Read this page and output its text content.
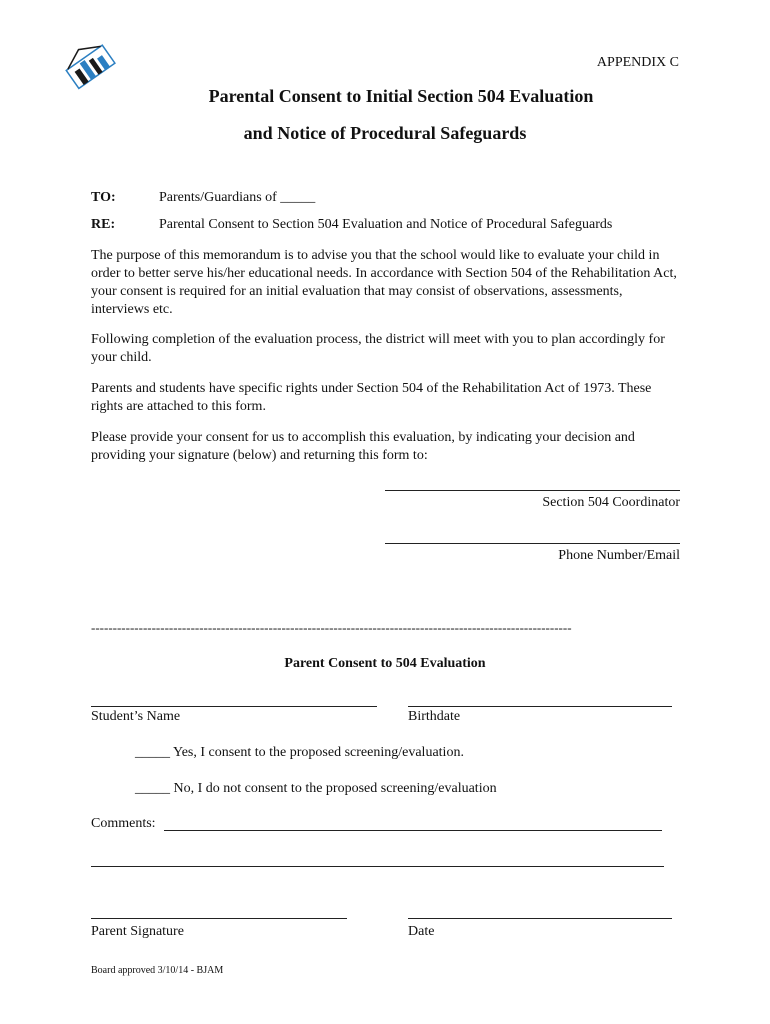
APPENDIX C
Parental Consent to Initial Section 504 Evaluation
and Notice of Procedural Safeguards
TO:	Parents/Guardians of _____
RE:	Parental Consent to Section 504 Evaluation and Notice of Procedural Safeguards
The purpose of this memorandum is to advise you that the school would like to evaluate your child in order to better serve his/her educational needs. In accordance with Section 504 of the Rehabilitation Act, your consent is required for an initial evaluation that may consist of observations, assessments, interviews etc.
Following completion of the evaluation process, the district will meet with you to plan accordingly for your child.
Parents and students have specific rights under Section 504 of the Rehabilitation Act of 1973. These rights are attached to this form.
Please provide your consent for us to accomplish this evaluation, by indicating your decision and providing your signature (below) and returning this form to:
Section 504 Coordinator
Phone Number/Email
---------------------------------------------------------------------------------------------------------------
Parent Consent to 504 Evaluation
Student’s Name	Birthdate
_____ Yes, I consent to the proposed screening/evaluation.
_____ No, I do not consent to the proposed screening/evaluation
Comments:
Parent Signature	Date
Board approved 3/10/14 - BJAM
